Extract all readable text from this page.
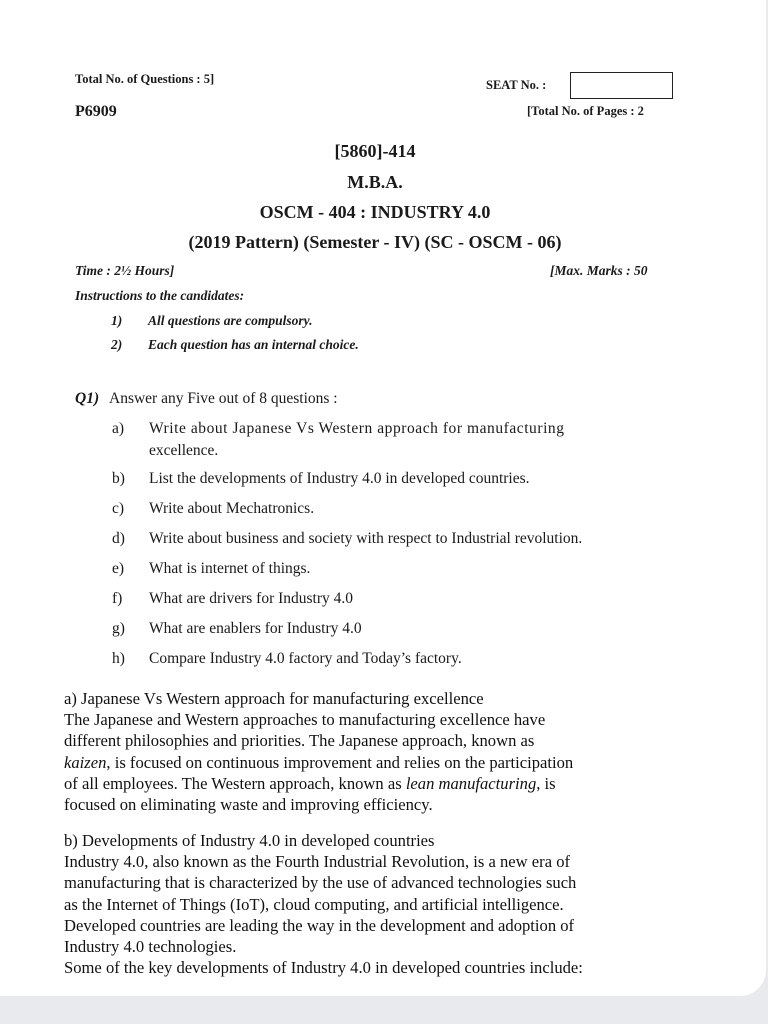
Total No. of Questions : 5]	SEAT No. :
P6909	[Total No. of Pages : 2
[5860]-414
M.B.A.
OSCM - 404 : INDUSTRY 4.0
(2019 Pattern) (Semester - IV) (SC - OSCM - 06)
Time : 2½ Hours]	[Max. Marks : 50
Instructions to the candidates:
1) All questions are compulsory.
2) Each question has an internal choice.
Q1) Answer any Five out of 8 questions :
a)	Write about Japanese Vs Western approach for manufacturing
excellence.
b)	List the developments of Industry 4.0 in developed countries.
c)	Write about Mechatronics.
d)	Write about business and society with respect to Industrial revolution.
e)	What is internet of things.
f)	What are drivers for Industry 4.0
g)	What are enablers for Industry 4.0
h)	Compare Industry 4.0 factory and Today’s factory.
a) Japanese Vs Western approach for manufacturing excellence
The Japanese and Western approaches to manufacturing excellence have
different philosophies and priorities. The Japanese approach, known as
kaizen, is focused on continuous improvement and relies on the participation
of all employees. The Western approach, known as lean manufacturing, is
focused on eliminating waste and improving efficiency.
b) Developments of Industry 4.0 in developed countries
Industry 4.0, also known as the Fourth Industrial Revolution, is a new era of
manufacturing that is characterized by the use of advanced technologies such
as the Internet of Things (IoT), cloud computing, and artificial intelligence.
Developed countries are leading the way in the development and adoption of
Industry 4.0 technologies.
Some of the key developments of Industry 4.0 in developed countries include:
